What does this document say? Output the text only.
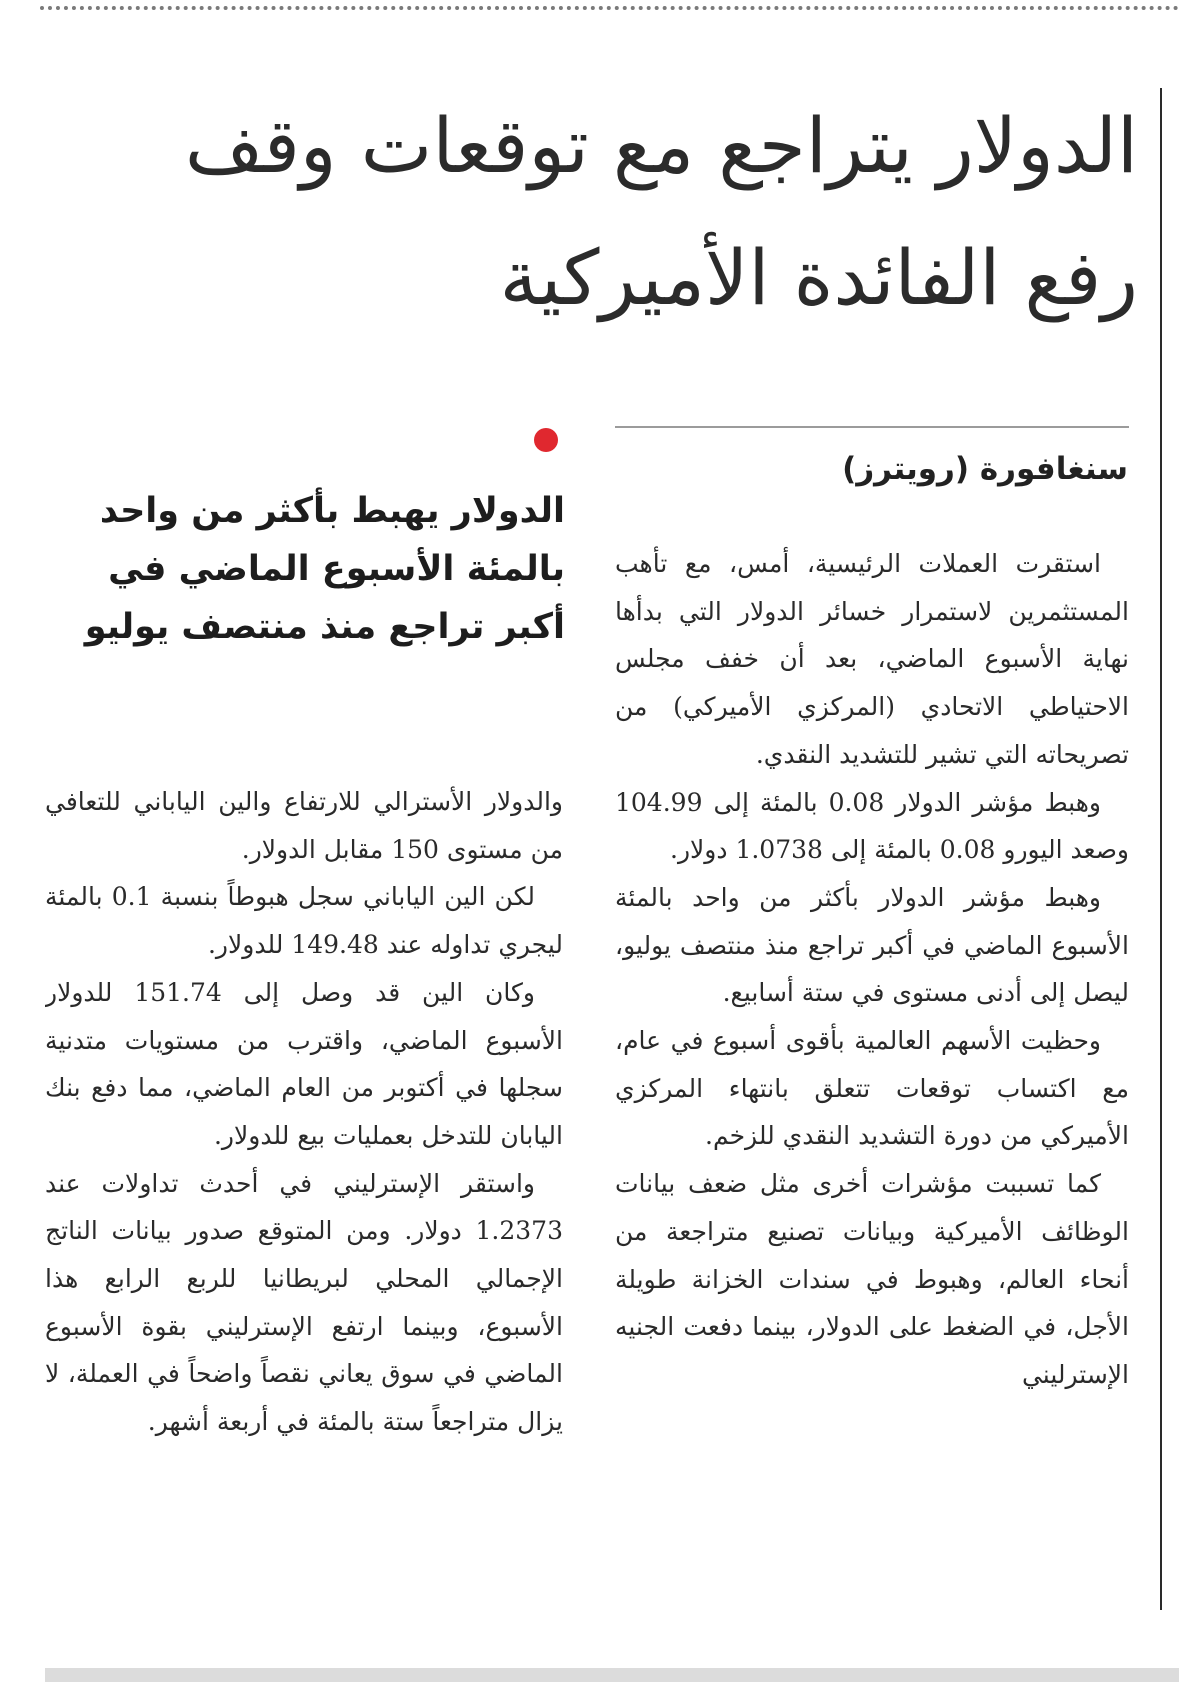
الدولار يتراجع مع توقعات وقف رفع الفائدة الأميركية

سنغافورة (رويترز)

الدولار يهبط بأكثر من واحد بالمئة الأسبوع الماضي في أكبر تراجع منذ منتصف يوليو

استقرت العملات الرئيسية، أمس، مع تأهب المستثمرين لاستمرار خسائر الدولار التي بدأها نهاية الأسبوع الماضي، بعد أن خفف مجلس الاحتياطي الاتحادي (المركزي الأميركي) من تصريحاته التي تشير للتشديد النقدي.

وهبط مؤشر الدولار 0.08 بالمئة إلى 104.99 وصعد اليورو 0.08 بالمئة إلى 1.0738 دولار.

وهبط مؤشر الدولار بأكثر من واحد بالمئة الأسبوع الماضي في أكبر تراجع منذ منتصف يوليو، ليصل إلى أدنى مستوى في ستة أسابيع.

وحظيت الأسهم العالمية بأقوى أسبوع في عام، مع اكتساب توقعات تتعلق بانتهاء المركزي الأميركي من دورة التشديد النقدي للزخم.

كما تسببت مؤشرات أخرى مثل ضعف بيانات الوظائف الأميركية وبيانات تصنيع متراجعة من أنحاء العالم، وهبوط في سندات الخزانة طويلة الأجل، في الضغط على الدولار، بينما دفعت الجنيه الإسترليني

والدولار الأسترالي للارتفاع والين الياباني للتعافي من مستوى 150 مقابل الدولار.

لكن الين الياباني سجل هبوطاً بنسبة 0.1 بالمئة ليجري تداوله عند 149.48 للدولار.

وكان الين قد وصل إلى 151.74 للدولار الأسبوع الماضي، واقترب من مستويات متدنية سجلها في أكتوبر من العام الماضي، مما دفع بنك اليابان للتدخل بعمليات بيع للدولار.

واستقر الإسترليني في أحدث تداولات عند 1.2373 دولار. ومن المتوقع صدور بيانات الناتج الإجمالي المحلي لبريطانيا للربع الرابع هذا الأسبوع، وبينما ارتفع الإسترليني بقوة الأسبوع الماضي في سوق يعاني نقصاً واضحاً في العملة، لا يزال متراجعاً ستة بالمئة في أربعة أشهر.
